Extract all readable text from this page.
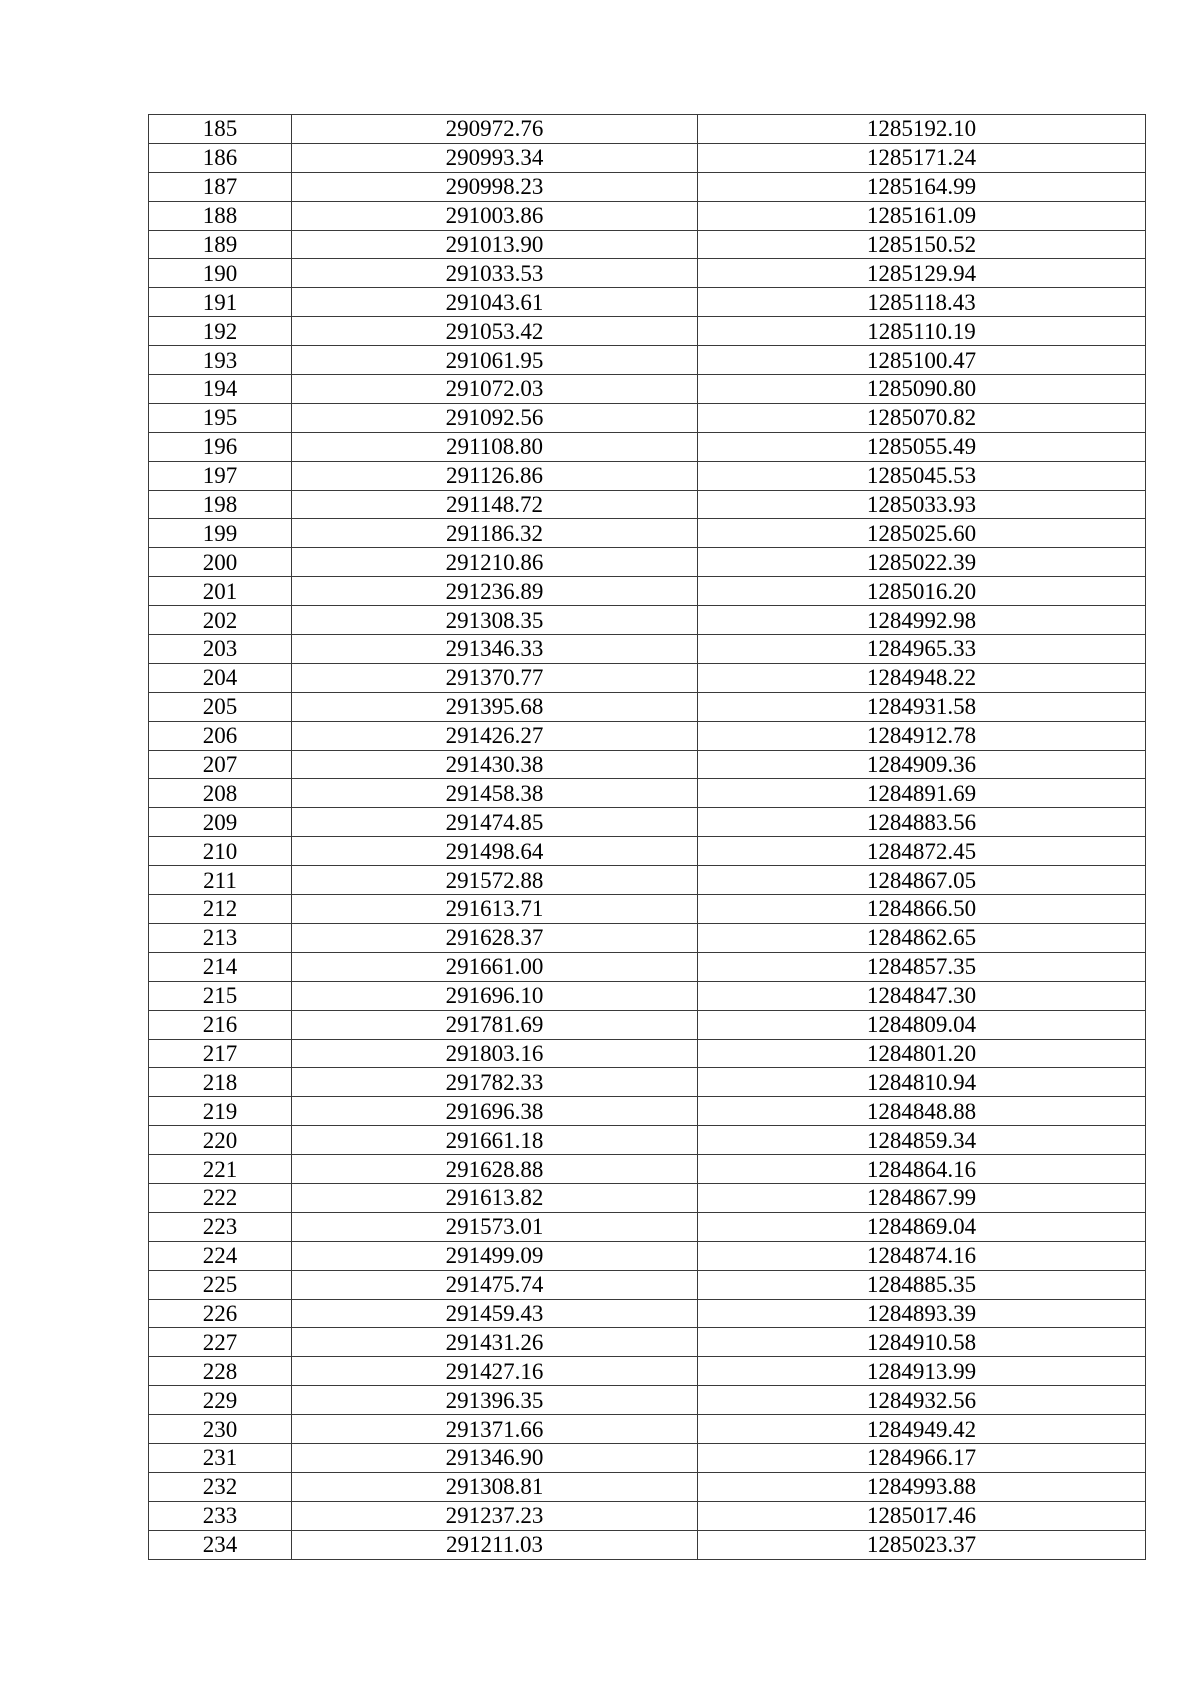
185	290972.76	1285192.10
186	290993.34	1285171.24
187	290998.23	1285164.99
188	291003.86	1285161.09
189	291013.90	1285150.52
190	291033.53	1285129.94
191	291043.61	1285118.43
192	291053.42	1285110.19
193	291061.95	1285100.47
194	291072.03	1285090.80
195	291092.56	1285070.82
196	291108.80	1285055.49
197	291126.86	1285045.53
198	291148.72	1285033.93
199	291186.32	1285025.60
200	291210.86	1285022.39
201	291236.89	1285016.20
202	291308.35	1284992.98
203	291346.33	1284965.33
204	291370.77	1284948.22
205	291395.68	1284931.58
206	291426.27	1284912.78
207	291430.38	1284909.36
208	291458.38	1284891.69
209	291474.85	1284883.56
210	291498.64	1284872.45
211	291572.88	1284867.05
212	291613.71	1284866.50
213	291628.37	1284862.65
214	291661.00	1284857.35
215	291696.10	1284847.30
216	291781.69	1284809.04
217	291803.16	1284801.20
218	291782.33	1284810.94
219	291696.38	1284848.88
220	291661.18	1284859.34
221	291628.88	1284864.16
222	291613.82	1284867.99
223	291573.01	1284869.04
224	291499.09	1284874.16
225	291475.74	1284885.35
226	291459.43	1284893.39
227	291431.26	1284910.58
228	291427.16	1284913.99
229	291396.35	1284932.56
230	291371.66	1284949.42
231	291346.90	1284966.17
232	291308.81	1284993.88
233	291237.23	1285017.46
234	291211.03	1285023.37
